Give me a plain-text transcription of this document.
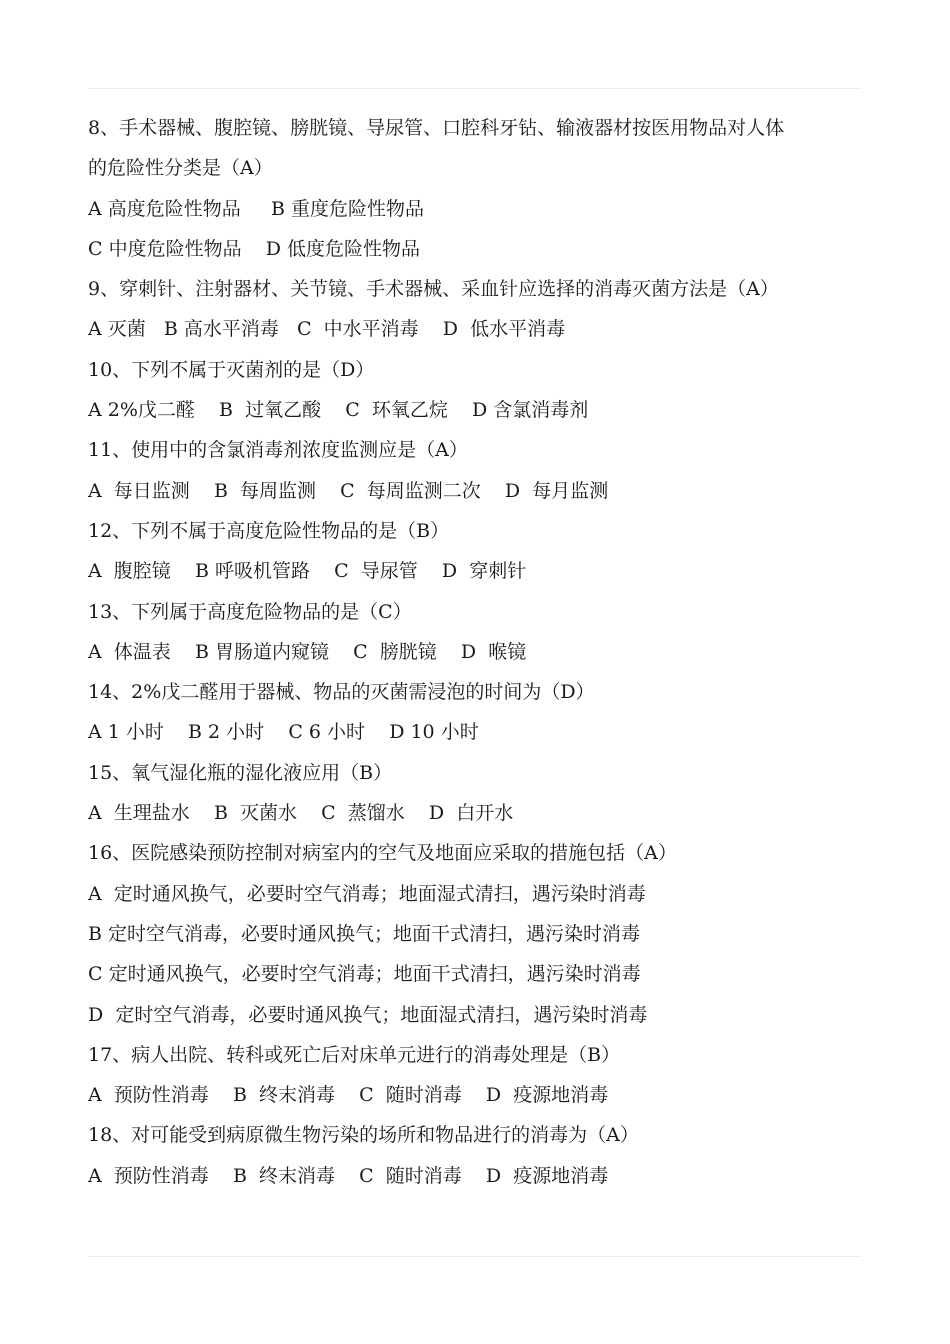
8、手术器械、腹腔镜、膀胱镜、导尿管、口腔科牙钻、输液器材按医用物品对人体
的危险性分类是（A）
A 高度危险性物品     B 重度危险性物品
C 中度危险性物品    D 低度危险性物品
9、穿刺针、注射器材、关节镜、手术器械、采血针应选择的消毒灭菌方法是（A）
A 灭菌   B 高水平消毒   C  中水平消毒    D  低水平消毒
10、下列不属于灭菌剂的是（D）
A 2%戊二醛    B  过氧乙酸    C  环氧乙烷    D 含氯消毒剂
11、使用中的含氯消毒剂浓度监测应是（A）
A  每日监测    B  每周监测    C  每周监测二次    D  每月监测
12、下列不属于高度危险性物品的是（B）
A  腹腔镜    B 呼吸机管路    C  导尿管    D  穿刺针
13、下列属于高度危险物品的是（C）
A  体温表    B 胃肠道内窥镜    C  膀胱镜    D  喉镜
14、2%戊二醛用于器械、物品的灭菌需浸泡的时间为（D）
A 1 小时    B 2 小时    C 6 小时    D 10 小时
15、氧气湿化瓶的湿化液应用（B）
A  生理盐水    B  灭菌水    C  蒸馏水    D  白开水
16、医院感染预防控制对病室内的空气及地面应采取的措施包括（A）
A  定时通风换气，必要时空气消毒；地面湿式清扫，遇污染时消毒
B 定时空气消毒，必要时通风换气；地面干式清扫，遇污染时消毒
C 定时通风换气，必要时空气消毒；地面干式清扫，遇污染时消毒
D  定时空气消毒，必要时通风换气；地面湿式清扫，遇污染时消毒
17、病人出院、转科或死亡后对床单元进行的消毒处理是（B）
A  预防性消毒    B  终末消毒    C  随时消毒    D  疫源地消毒
18、对可能受到病原微生物污染的场所和物品进行的消毒为（A）
A  预防性消毒    B  终末消毒    C  随时消毒    D  疫源地消毒
